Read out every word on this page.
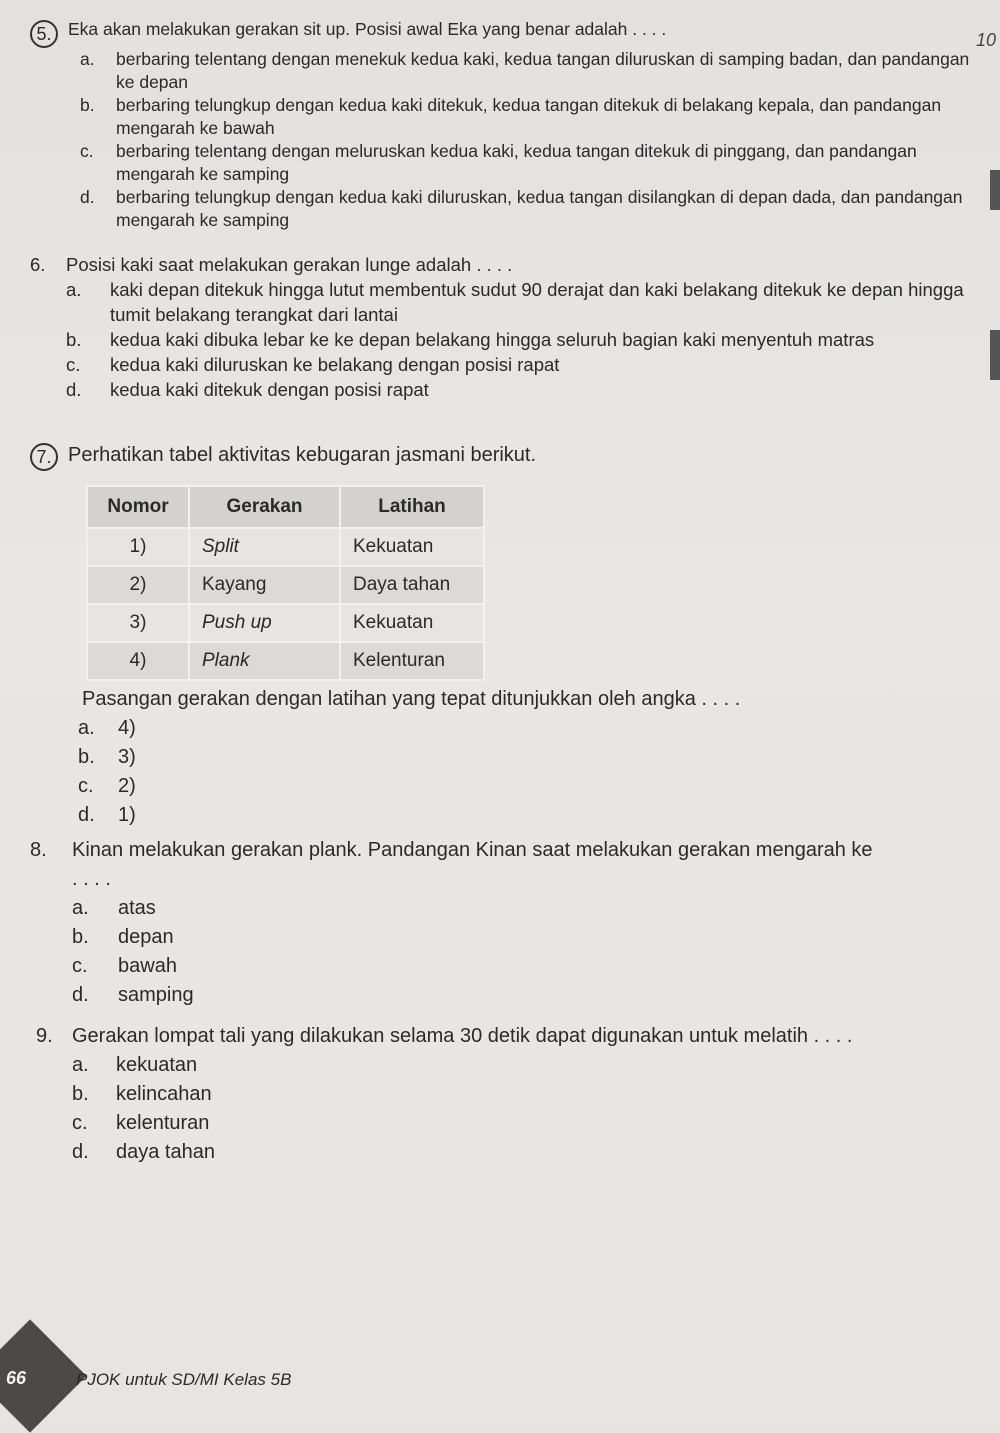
10
5. Eka akan melakukan gerakan sit up. Posisi awal Eka yang benar adalah . . . .
a.	berbaring telentang dengan menekuk kedua kaki, kedua tangan diluruskan di samping badan, dan pandangan ke depan
b.	berbaring telungkup dengan kedua kaki ditekuk, kedua tangan ditekuk di belakang kepala, dan pandangan mengarah ke bawah
c.	berbaring telentang dengan meluruskan kedua kaki, kedua tangan ditekuk di pinggang, dan pandangan mengarah ke samping
d.	berbaring telungkup dengan kedua kaki diluruskan, kedua tangan disilangkan di depan dada, dan pandangan mengarah ke samping
6.	Posisi kaki saat melakukan gerakan lunge adalah . . . .
a.	kaki depan ditekuk hingga lutut membentuk sudut 90 derajat dan kaki belakang ditekuk ke depan hingga tumit belakang terangkat dari lantai
b.	kedua kaki dibuka lebar ke ke depan belakang hingga seluruh bagian kaki menyentuh matras
c.	kedua kaki diluruskan ke belakang dengan posisi rapat
d.	kedua kaki ditekuk dengan posisi rapat
7. Perhatikan tabel aktivitas kebugaran jasmani berikut.
Nomor	Gerakan	Latihan
1)	Split	Kekuatan
2)	Kayang	Daya tahan
3)	Push up	Kekuatan
4)	Plank	Kelenturan
Pasangan gerakan dengan latihan yang tepat ditunjukkan oleh angka . . . .
a.	4)
b.	3)
c.	2)
d.	1)
8.	Kinan melakukan gerakan plank. Pandangan Kinan saat melakukan gerakan mengarah ke
. . . .
a.	atas
b.	depan
c.	bawah
d.	samping
9. Gerakan lompat tali yang dilakukan selama 30 detik dapat digunakan untuk melatih . . . .
a.	kekuatan
b.	kelincahan
c.	kelenturan
d.	daya tahan
66	PJOK untuk SD/MI Kelas 5B
